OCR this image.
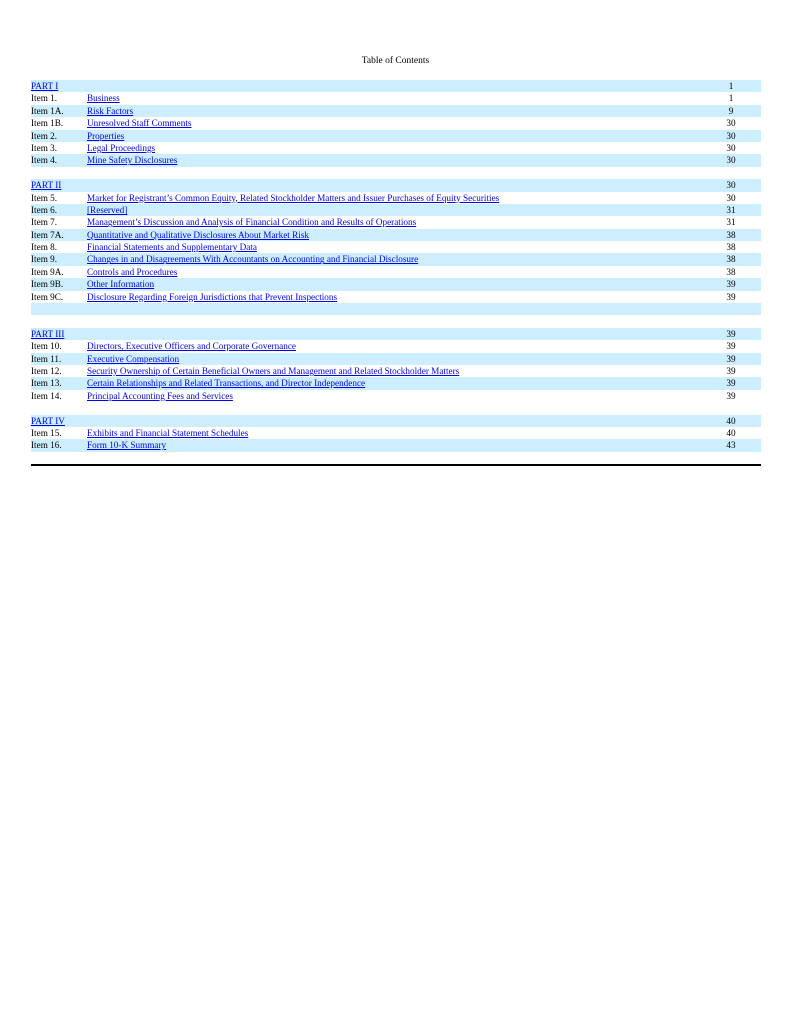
Table of Contents
PART I	1
Item 1.	Business	1
Item 1A.	Risk Factors	9
Item 1B.	Unresolved Staff Comments	30
Item 2.	Properties	30
Item 3.	Legal Proceedings	30
Item 4.	Mine Safety Disclosures	30
PART II	30
Item 5.	Market for Registrant’s Common Equity, Related Stockholder Matters and Issuer Purchases of Equity Securities	30
Item 6.	[Reserved]	31
Item 7.	Management’s Discussion and Analysis of Financial Condition and Results of Operations	31
Item 7A.	Quantitative and Qualitative Disclosures About Market Risk	38
Item 8.	Financial Statements and Supplementary Data	38
Item 9.	Changes in and Disagreements With Accountants on Accounting and Financial Disclosure	38
Item 9A.	Controls and Procedures	38
Item 9B.	Other Information	39
Item 9C.	Disclosure Regarding Foreign Jurisdictions that Prevent Inspections	39
PART III	39
Item 10.	Directors, Executive Officers and Corporate Governance	39
Item 11.	Executive Compensation	39
Item 12.	Security Ownership of Certain Beneficial Owners and Management and Related Stockholder Matters	39
Item 13.	Certain Relationships and Related Transactions, and Director Independence	39
Item 14.	Principal Accounting Fees and Services	39
PART IV	40
Item 15.	Exhibits and Financial Statement Schedules	40
Item 16.	Form 10-K Summary	43
